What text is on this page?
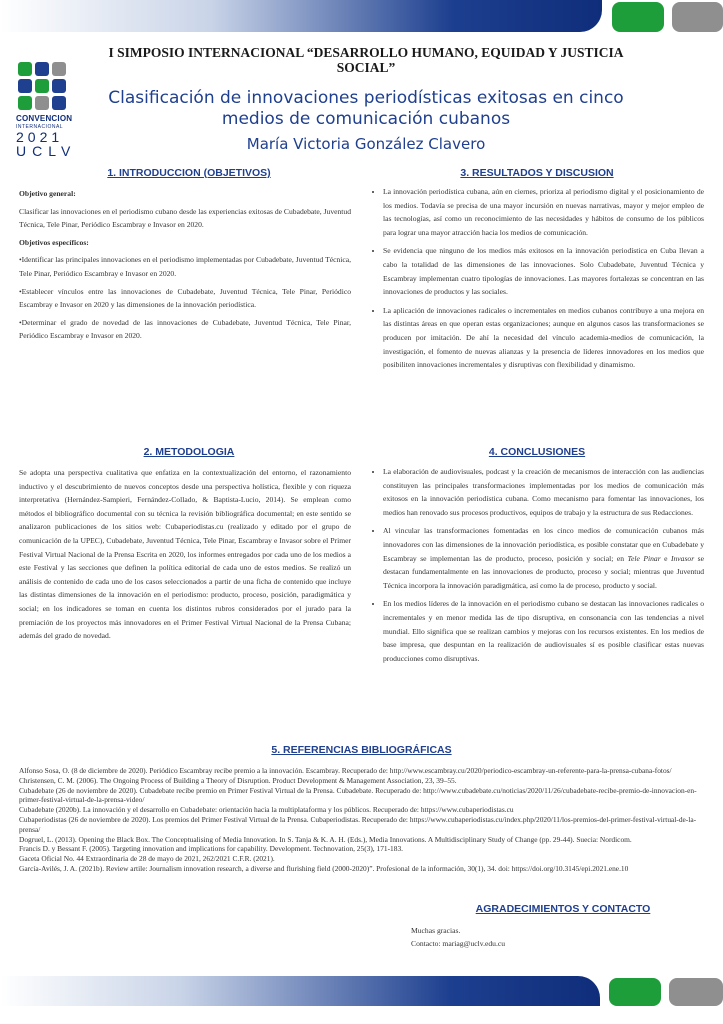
CONVENCION
INTERNACIONAL
2021
UCLV
I SIMPOSIO INTERNACIONAL “DESARROLLO HUMANO, EQUIDAD Y JUSTICIA SOCIAL”
Clasificación de innovaciones periodísticas exitosas en cinco medios de comunicación cubanos
María Victoria González Clavero
1. INTRODUCCION (OBJETIVOS)

Objetivo general:

Clasificar las innovaciones en el periodismo cubano desde las experiencias exitosas de Cubadebate, Juventud Técnica, Tele Pinar, Periódico Escambray e Invasor en 2020.

Objetivos específicos:

•Identificar las principales innovaciones en el periodismo implementadas por Cubadebate, Juventud Técnica, Tele Pinar, Periódico Escambray e Invasor en 2020.

•Establecer vínculos entre las innovaciones de Cubadebate, Juventud Técnica, Tele Pinar, Periódico Escambray e Invasor en 2020 y las dimensiones de la innovación periodística.

•Determinar el grado de novedad de las innovaciones de Cubadebate, Juventud Técnica, Tele Pinar, Periódico Escambray e Invasor en 2020.

3. RESULTADOS Y DISCUSION
• La innovación periodística cubana, aún en ciernes, prioriza al periodismo digital y el posicionamiento de los medios. Todavía se precisa de una mayor incursión en nuevas narrativas, mayor y mejor empleo de las tecnologías, así como un reconocimiento de las necesidades y hábitos de consumo de los públicos para lograr una mayor atracción hacia los medios de comunicación.
• Se evidencia que ninguno de los medios más exitosos en la innovación periodística en Cuba llevan a cabo la totalidad de las dimensiones de las innovaciones. Solo Cubadebate, Juventud Técnica y Escambray implementan cuatro tipologías de innovaciones. Las mayores fortalezas se concentran en las innovaciones de productos y las sociales.
• La aplicación de innovaciones radicales o incrementales en medios cubanos contribuye a una mejora en las distintas áreas en que operan estas organizaciones; aunque en algunos casos las transformaciones se producen por imitación. De ahí la necesidad del vínculo academia-medios de comunicación, la investigación, el fomento de nuevas alianzas y la presencia de líderes innovadores en los medios que posibiliten innovaciones incrementales y disruptivas con flexibilidad y dinamismo.
2. METODOLOGIA

Se adopta una perspectiva cualitativa que enfatiza en la contextualización del entorno, el razonamiento inductivo y el descubrimiento de nuevos conceptos desde una perspectiva holística, flexible y con riqueza interpretativa (Hernández-Sampieri, Fernández-Collado, & Baptista-Lucio, 2014). Se emplean como métodos el bibliográfico documental con su técnica la revisión bibliográfica documental; en este sentido se analizaron publicaciones de los sitios web: Cubaperiodistas.cu (realizado y editado por el grupo de comunicación de la UPEC), Cubadebate, Juventud Técnica, Tele Pinar, Escambray e Invasor sobre el Primer Festival Virtual Nacional de la Prensa Escrita en 2020, los informes entregados por cada uno de los medios a este Festival y las secciones que definen la política editorial de cada uno de estos medios. Se realizó un análisis de contenido de cada uno de los casos seleccionados a partir de una ficha de contenido que incluye las distintas dimensiones de la innovación en el periodismo: producto, proceso, posición, paradigmática y social; en los indicadores se toman en cuenta los distintos rubros considerados por el jurado para la premiación de los proyectos más innovadores en el Primer Festival Virtual Nacional de la Prensa Cubana; además del grado de novedad.

4. CONCLUSIONES
• La elaboración de audiovisuales, podcast y la creación de mecanismos de interacción con las audiencias constituyen las principales transformaciones implementadas por los medios de comunicación más exitosos en la innovación periodística cubana. Como mecanismo para fomentar las innovaciones, los medios han renovado sus procesos productivos, equipos de trabajo y la estructura de sus Redacciones.
• Al vincular las transformaciones fomentadas en los cinco medios de comunicación cubanos más innovadores con las dimensiones de la innovación periodística, es posible constatar que en Cubadebate y Escambray se implementan las de producto, proceso, posición y social; en Tele Pinar e Invasor se destacan fundamentalmente en las innovaciones de producto, proceso y social; mientras que Juventud Técnica incorpora la innovación paradigmática, así como la de proceso, producto y social.
• En los medios líderes de la innovación en el periodismo cubano se destacan las innovaciones radicales o incrementales y en menor medida las de tipo disruptiva, en consonancia con las tendencias a nivel mundial. Ello significa que se realizan cambios y mejoras con los recursos existentes. En los medios de base impresa, que despuntan en la realización de audiovisuales sí es posible clasificar estas nuevas producciones como disruptivas.
5. REFERENCIAS BIBLIOGRÁFICAS

Alfonso Sosa, O. (8 de diciembre de 2020). Periódico Escambray recibe premio a la innovación. Escambray. Recuperado de: http://www.escambray.cu/2020/periodico-escambray-un-referente-para-la-prensa-cubana-fotos/

Christensen, C. M. (2006). The Ongoing Process of Building a Theory of Disruption. Product Development & Management Association, 23, 39–55.

Cubadebate (26 de noviembre de 2020). Cubadebate recibe premio en Primer Festival Virtual de la Prensa. Cubadebate. Recuperado de: http://www.cubadebate.cu/noticias/2020/11/26/cubadebate-recibe-premio-de-innovacion-en-primer-festival-virtual-de-la-prensa-video/

Cubadebate (2020b). La innovación y el desarrollo en Cubadebate: orientación hacia la multiplataforma y los públicos. Recuperado de: https://www.cubaperiodistas.cu

Cubaperiodistas (26 de noviembre de 2020). Los premios del Primer Festival Virtual de la Prensa. Cubaperiodistas. Recuperado de: https://www.cubaperiodistas.cu/index.php/2020/11/los-premios-del-primer-festival-virtual-de-la-prensa/

Dogruel, L. (2013). Opening the Black Box. The Conceptualising of Media Innovation. In S. Tanja & K. A. H. (Eds.), Media Innovations. A Multidisciplinary Study of Change (pp. 29-44). Suecia: Nordicom.

Francis D. y Bessant F. (2005). Targeting innovation and implications for capability. Development. Technovation, 25(3), 171-183.

Gaceta Oficial No. 44 Extraordinaria de 28 de mayo de 2021, 262/2021 C.F.R. (2021).

García-Avilés, J. A. (2021b). Review artile: Journalism innovation research, a diverse and flurishing field (2000-2020)”. Profesional de la información, 30(1), 34. doi: https://doi.org/10.3145/epi.2021.ene.10

AGRADECIMIENTOS Y CONTACTO
Muchas gracias.
Contacto: mariag@uclv.edu.cu
